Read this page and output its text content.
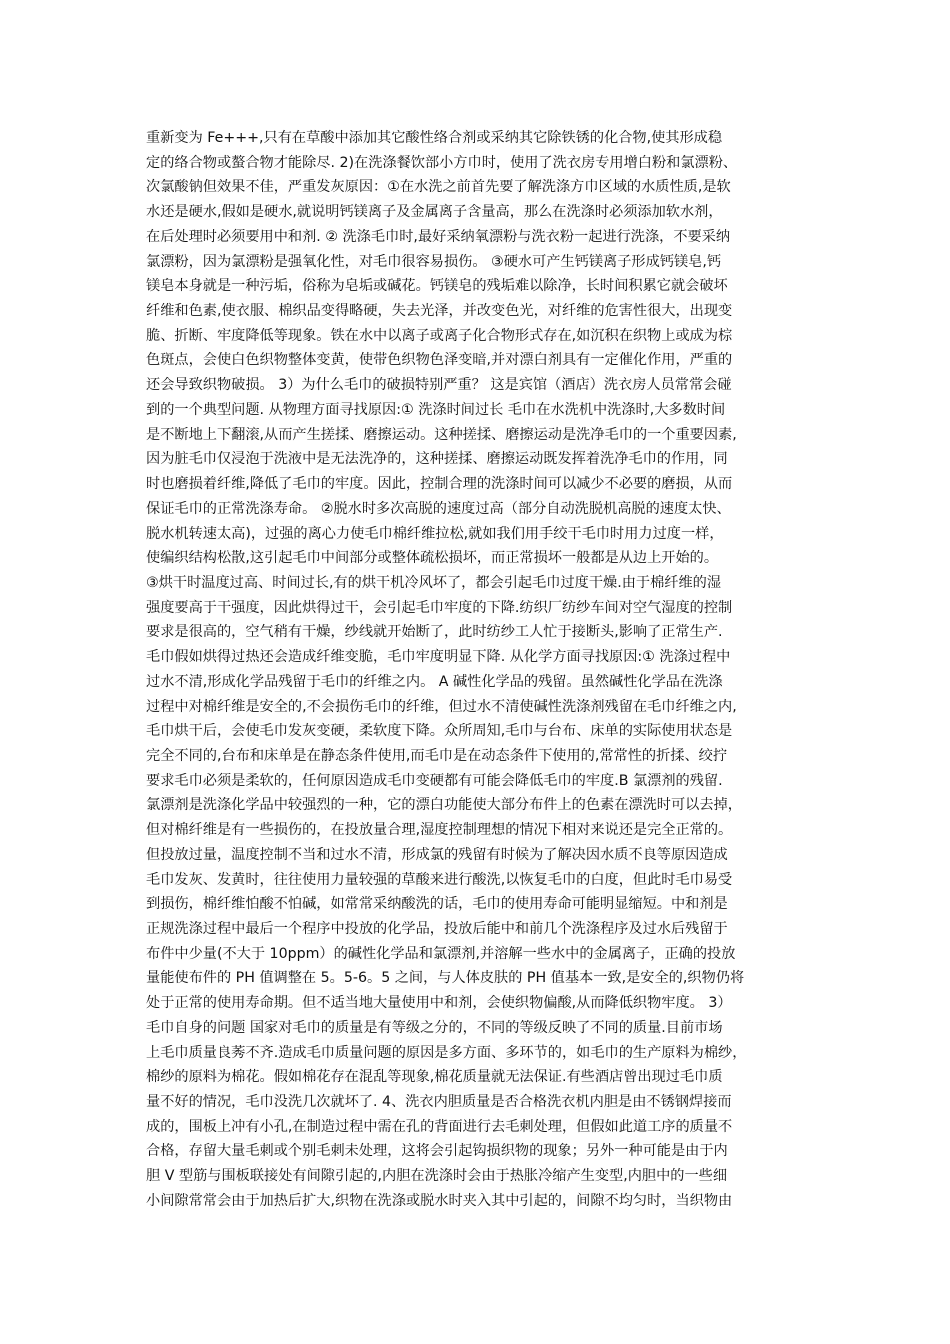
重新变为 Fe+++,只有在草酸中添加其它酸性络合剂或采纳其它除铁锈的化合物,使其形成稳
定的络合物或螯合物才能除尽. 2)在洗涤餐饮部小方巾时，使用了洗衣房专用增白粉和氯漂粉、
次氯酸钠但效果不佳，严重发灰原因：①在水洗之前首先要了解洗涤方巾区域的水质性质,是软
水还是硬水,假如是硬水,就说明钙镁离子及金属离子含量高，那么在洗涤时必须添加软水剂，
在后处理时必须要用中和剂. ② 洗涤毛巾时,最好采纳氧漂粉与洗衣粉一起进行洗涤，不要采纳
氯漂粉，因为氯漂粉是强氧化性，对毛巾很容易损伤。 ③硬水可产生钙镁离子形成钙镁皂,钙
镁皂本身就是一种污垢，俗称为皂垢或碱花。钙镁皂的残垢难以除净，长时间积累它就会破坏
纤维和色素,使衣服、棉织品变得略硬，失去光泽，并改变色光，对纤维的危害性很大，出现变
脆、折断、牢度降低等现象。铁在水中以离子或离子化合物形式存在,如沉积在织物上或成为棕
色斑点，会使白色织物整体变黄，使带色织物色泽变暗,并对漂白剂具有一定催化作用，严重的
还会导致织物破损。 3）为什么毛巾的破损特别严重？ 这是宾馆（酒店）洗衣房人员常常会碰
到的一个典型问题. 从物理方面寻找原因:① 洗涤时间过长 毛巾在水洗机中洗涤时,大多数时间
是不断地上下翻滚,从而产生搓揉、磨擦运动。这种搓揉、磨擦运动是洗净毛巾的一个重要因素,
因为脏毛巾仅浸泡于洗液中是无法洗净的，这种搓揉、磨擦运动既发挥着洗净毛巾的作用，同
时也磨损着纤维,降低了毛巾的牢度。因此，控制合理的洗涤时间可以减少不必要的磨损，从而
保证毛巾的正常洗涤寿命。 ②脱水时多次高脱的速度过高（部分自动洗脱机高脱的速度太快、
脱水机转速太高)，过强的离心力使毛巾棉纤维拉松,就如我们用手绞干毛巾时用力过度一样，
使编织结构松散,这引起毛巾中间部分或整体疏松损坏，而正常损坏一般都是从边上开始的。
③烘干时温度过高、时间过长,有的烘干机冷风坏了，都会引起毛巾过度干燥.由于棉纤维的湿
强度要高于干强度，因此烘得过干，会引起毛巾牢度的下降.纺织厂纺纱车间对空气湿度的控制
要求是很高的，空气稍有干燥，纱线就开始断了，此时纺纱工人忙于接断头,影响了正常生产.
毛巾假如烘得过热还会造成纤维变脆，毛巾牢度明显下降. 从化学方面寻找原因:① 洗涤过程中
过水不清,形成化学品残留于毛巾的纤维之内。 A 碱性化学品的残留。虽然碱性化学品在洗涤
过程中对棉纤维是安全的,不会损伤毛巾的纤维，但过水不清使碱性洗涤剂残留在毛巾纤维之内,
毛巾烘干后，会使毛巾发灰变硬，柔软度下降。众所周知,毛巾与台布、床单的实际使用状态是
完全不同的,台布和床单是在静态条件使用,而毛巾是在动态条件下使用的,常常性的折揉、绞拧
要求毛巾必须是柔软的，任何原因造成毛巾变硬都有可能会降低毛巾的牢度.B 氯漂剂的残留.
氯漂剂是洗涤化学品中较强烈的一种，它的漂白功能使大部分布件上的色素在漂洗时可以去掉，
但对棉纤维是有一些损伤的，在投放量合理,湿度控制理想的情况下相对来说还是完全正常的。
但投放过量，温度控制不当和过水不清，形成氯的残留有时候为了解决因水质不良等原因造成
毛巾发灰、发黄时，往往使用力量较强的草酸来进行酸洗,以恢复毛巾的白度，但此时毛巾易受
到损伤，棉纤维怕酸不怕碱，如常常采纳酸洗的话，毛巾的使用寿命可能明显缩短。中和剂是
正规洗涤过程中最后一个程序中投放的化学品，投放后能中和前几个洗涤程序及过水后残留于
布件中少量(不大于 10ppm）的碱性化学品和氯漂剂,并溶解一些水中的金属离子，正确的投放
量能使布件的 PH 值调整在 5。5-6。5 之间，与人体皮肤的 PH 值基本一致,是安全的,织物仍将
处于正常的使用寿命期。但不适当地大量使用中和剂，会使织物偏酸,从而降低织物牢度。 3）
毛巾自身的问题 国家对毛巾的质量是有等级之分的，不同的等级反映了不同的质量.目前市场
上毛巾质量良莠不齐.造成毛巾质量问题的原因是多方面、多环节的，如毛巾的生产原料为棉纱，
棉纱的原料为棉花。假如棉花存在混乱等现象,棉花质量就无法保证.有些酒店曾出现过毛巾质
量不好的情况，毛巾没洗几次就坏了. 4、洗衣内胆质量是否合格洗衣机内胆是由不锈钢焊接而
成的，围板上冲有小孔,在制造过程中需在孔的背面进行去毛刺处理，但假如此道工序的质量不
合格，存留大量毛刺或个别毛刺未处理，这将会引起钩损织物的现象；另外一种可能是由于内
胆 V 型筋与围板联接处有间隙引起的,内胆在洗涤时会由于热胀冷缩产生变型,内胆中的一些细
小间隙常常会由于加热后扩大,织物在洗涤或脱水时夹入其中引起的，间隙不均匀时，当织物由
